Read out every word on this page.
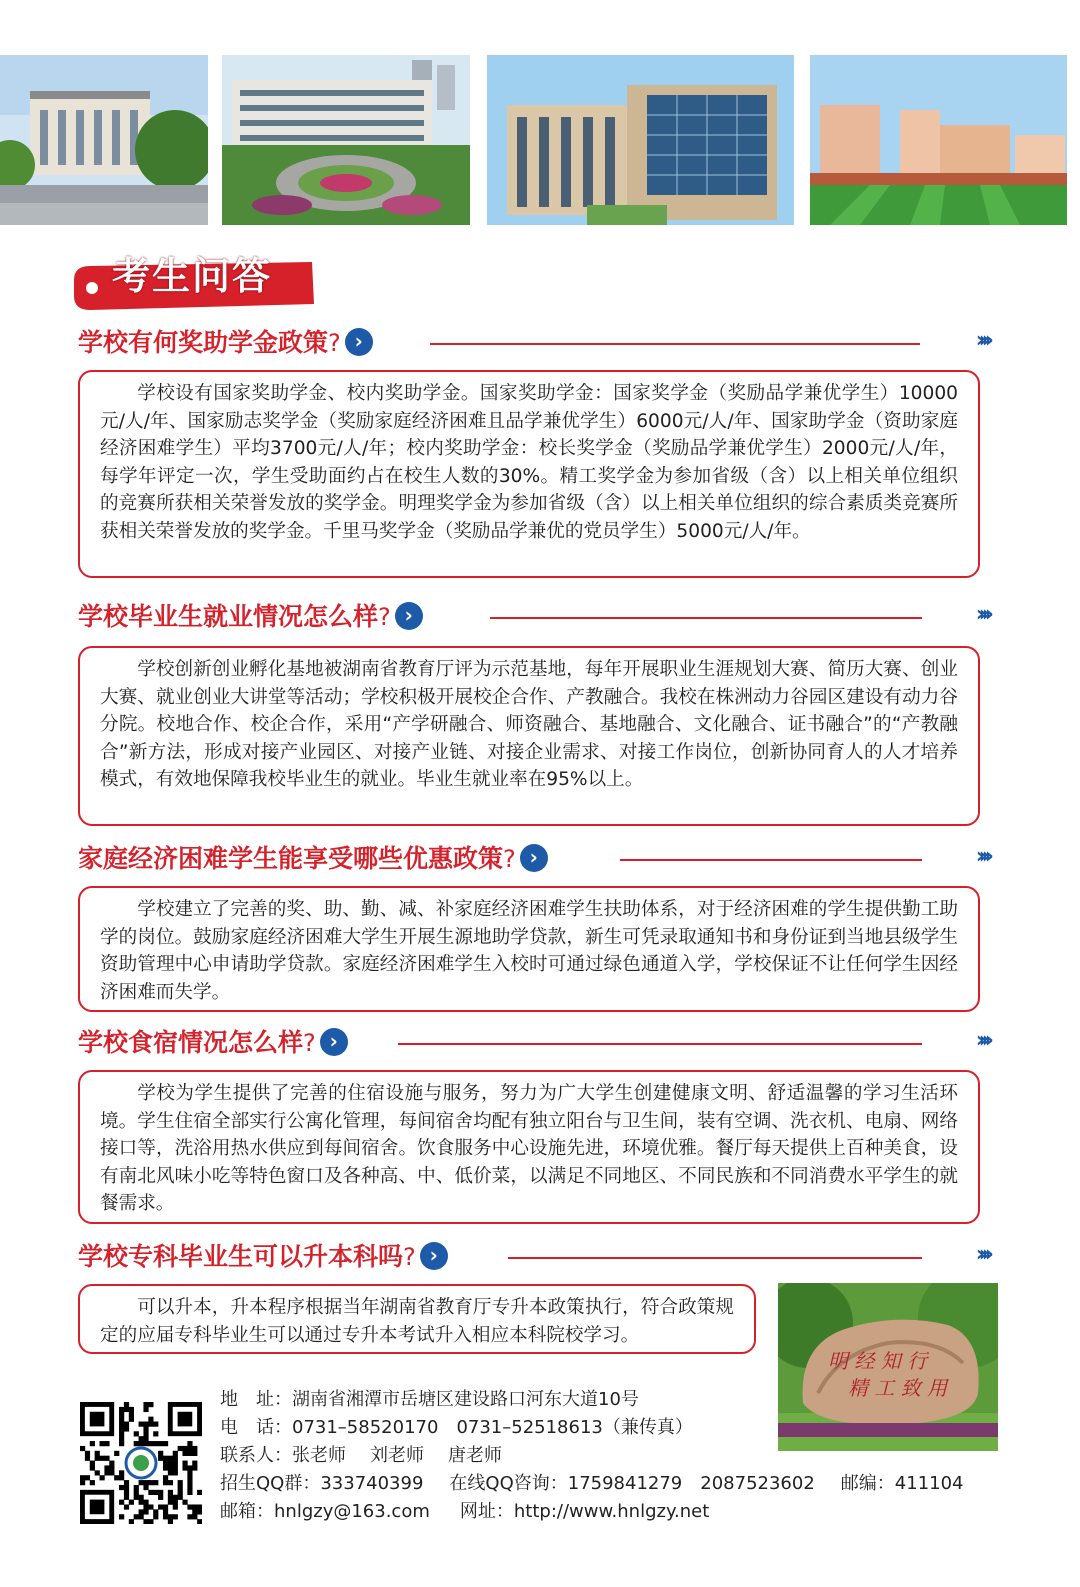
考生问答
学校有何奖助学金政策? ›	››››

学校设有国家奖助学金、校内奖助学金。国家奖助学金：国家奖学金（奖励品学兼优学生）10000元/人/年、国家励志奖学金（奖励家庭经济困难且品学兼优学生）6000元/人/年、国家助学金（资助家庭经济困难学生）平均3700元/人/年；校内奖助学金：校长奖学金（奖励品学兼优学生）2000元/人/年，每学年评定一次，学生受助面约占在校生人数的30%。精工奖学金为参加省级（含）以上相关单位组织的竞赛所获相关荣誉发放的奖学金。明理奖学金为参加省级（含）以上相关单位组织的综合素质类竞赛所获相关荣誉发放的奖学金。千里马奖学金（奖励品学兼优的党员学生）5000元/人/年。

学校毕业生就业情况怎么样? ›	››››

学校创新创业孵化基地被湖南省教育厅评为示范基地，每年开展职业生涯规划大赛、简历大赛、创业大赛、就业创业大讲堂等活动；学校积极开展校企合作、产教融合。我校在株洲动力谷园区建设有动力谷分院。校地合作、校企合作，采用“产学研融合、师资融合、基地融合、文化融合、证书融合”的“产教融合”新方法，形成对接产业园区、对接产业链、对接企业需求、对接工作岗位，创新协同育人的人才培养模式，有效地保障我校毕业生的就业。毕业生就业率在95%以上。

家庭经济困难学生能享受哪些优惠政策? ›	››››

学校建立了完善的奖、助、勤、减、补家庭经济困难学生扶助体系，对于经济困难的学生提供勤工助学的岗位。鼓励家庭经济困难大学生开展生源地助学贷款，新生可凭录取通知书和身份证到当地县级学生资助管理中心申请助学贷款。家庭经济困难学生入校时可通过绿色通道入学，学校保证不让任何学生因经济困难而失学。

学校食宿情况怎么样? ›	››››

学校为学生提供了完善的住宿设施与服务，努力为广大学生创建健康文明、舒适温馨的学习生活环境。学生住宿全部实行公寓化管理，每间宿舍均配有独立阳台与卫生间，装有空调、洗衣机、电扇、网络接口等，洗浴用热水供应到每间宿舍。饮食服务中心设施先进，环境优雅。餐厅每天提供上百种美食，设有南北风味小吃等特色窗口及各种高、中、低价菜，以满足不同地区、不同民族和不同消费水平学生的就餐需求。

学校专科毕业生可以升本科吗? ›	››››

可以升本，升本程序根据当年湖南省教育厅专升本政策执行，符合政策规定的应届专科毕业生可以通过专升本考试升入相应本科院校学习。

明 经 知 行
精 工 致 用
地　址：湖南省湘潭市岳塘区建设路口河东大道10号
电　话：0731–58520170 0731–52518613（兼传真）
联系人：张老师 刘老师 唐老师
招生QQ群：333740399 在线QQ咨询：1759841279　2087523602 邮编：411104
邮箱：hnlgzy@163.com 网址：http://www.hnlgzy.net
